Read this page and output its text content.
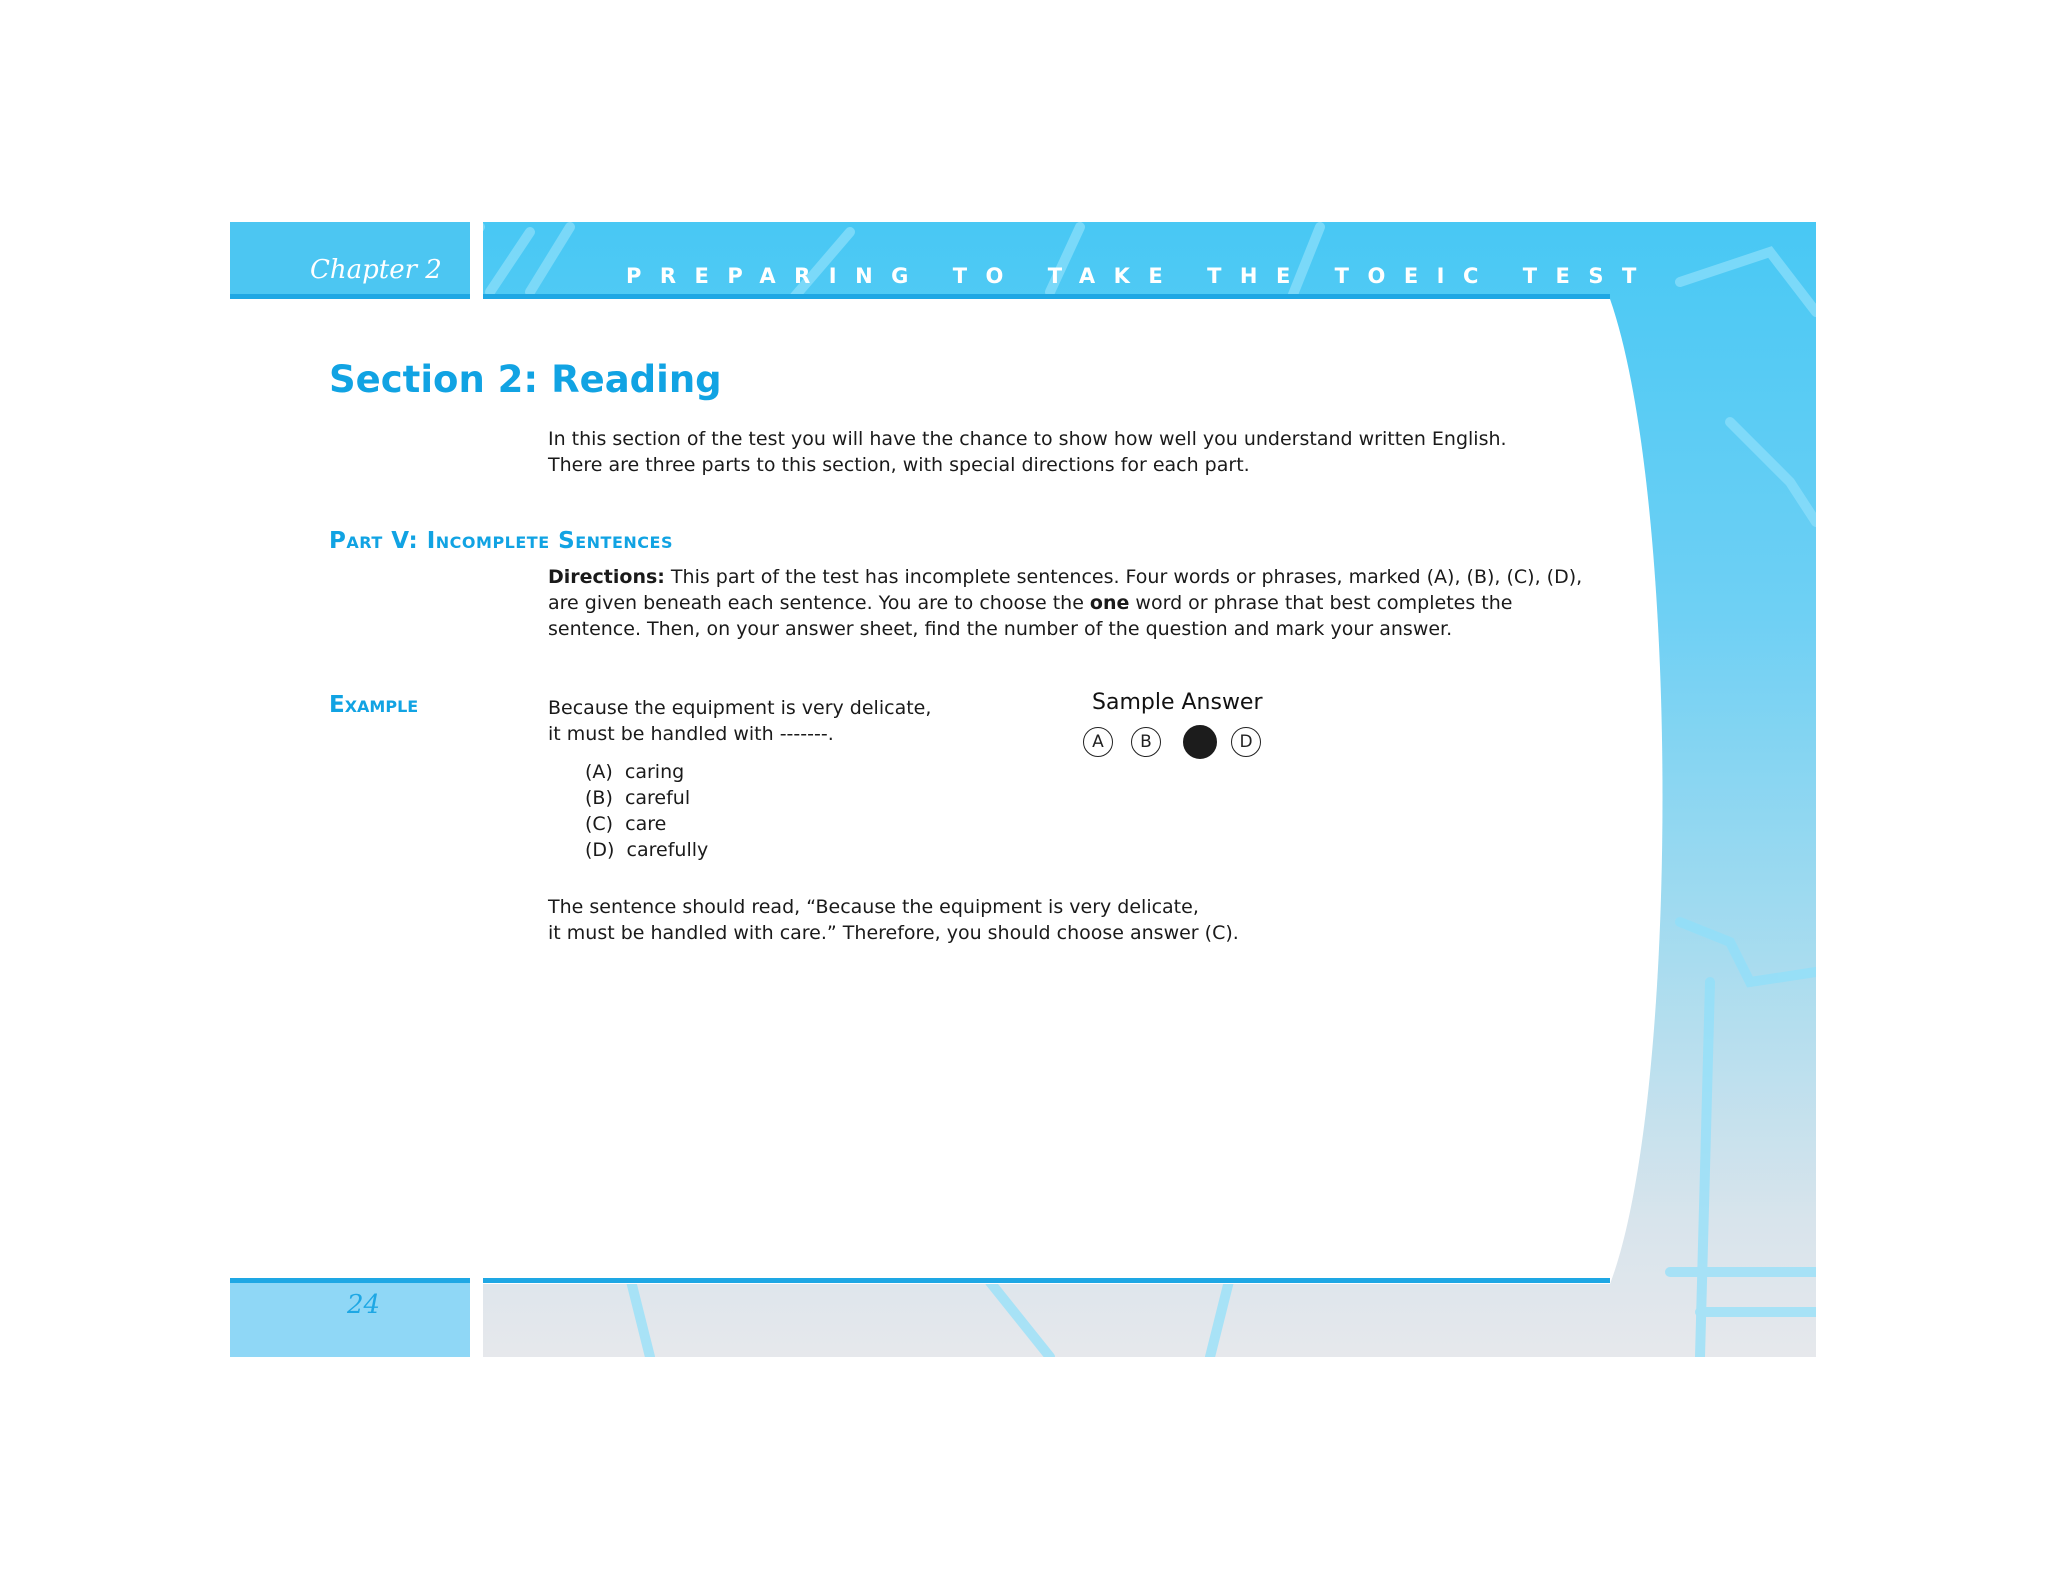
Chapter 2	PREPARING TO TAKE THE TOEIC TEST
Section 2: Reading
In this section of the test you will have the chance to show how well you understand written English.
There are three parts to this section, with special directions for each part.
Part V: Incomplete Sentences
Directions: This part of the test has incomplete sentences. Four words or phrases, marked (A), (B), (C), (D), are given beneath each sentence. You are to choose the one word or phrase that best completes the sentence. Then, on your answer sheet, find the number of the question and mark your answer.
Example	Because the equipment is very delicate,
it must be handled with -------.
(A)  caring
(B)  careful
(C)  care
(D)  carefully
Sample Answer
A	B	D
The sentence should read, “Because the equipment is very delicate,
it must be handled with care.” Therefore, you should choose answer (C).
24
